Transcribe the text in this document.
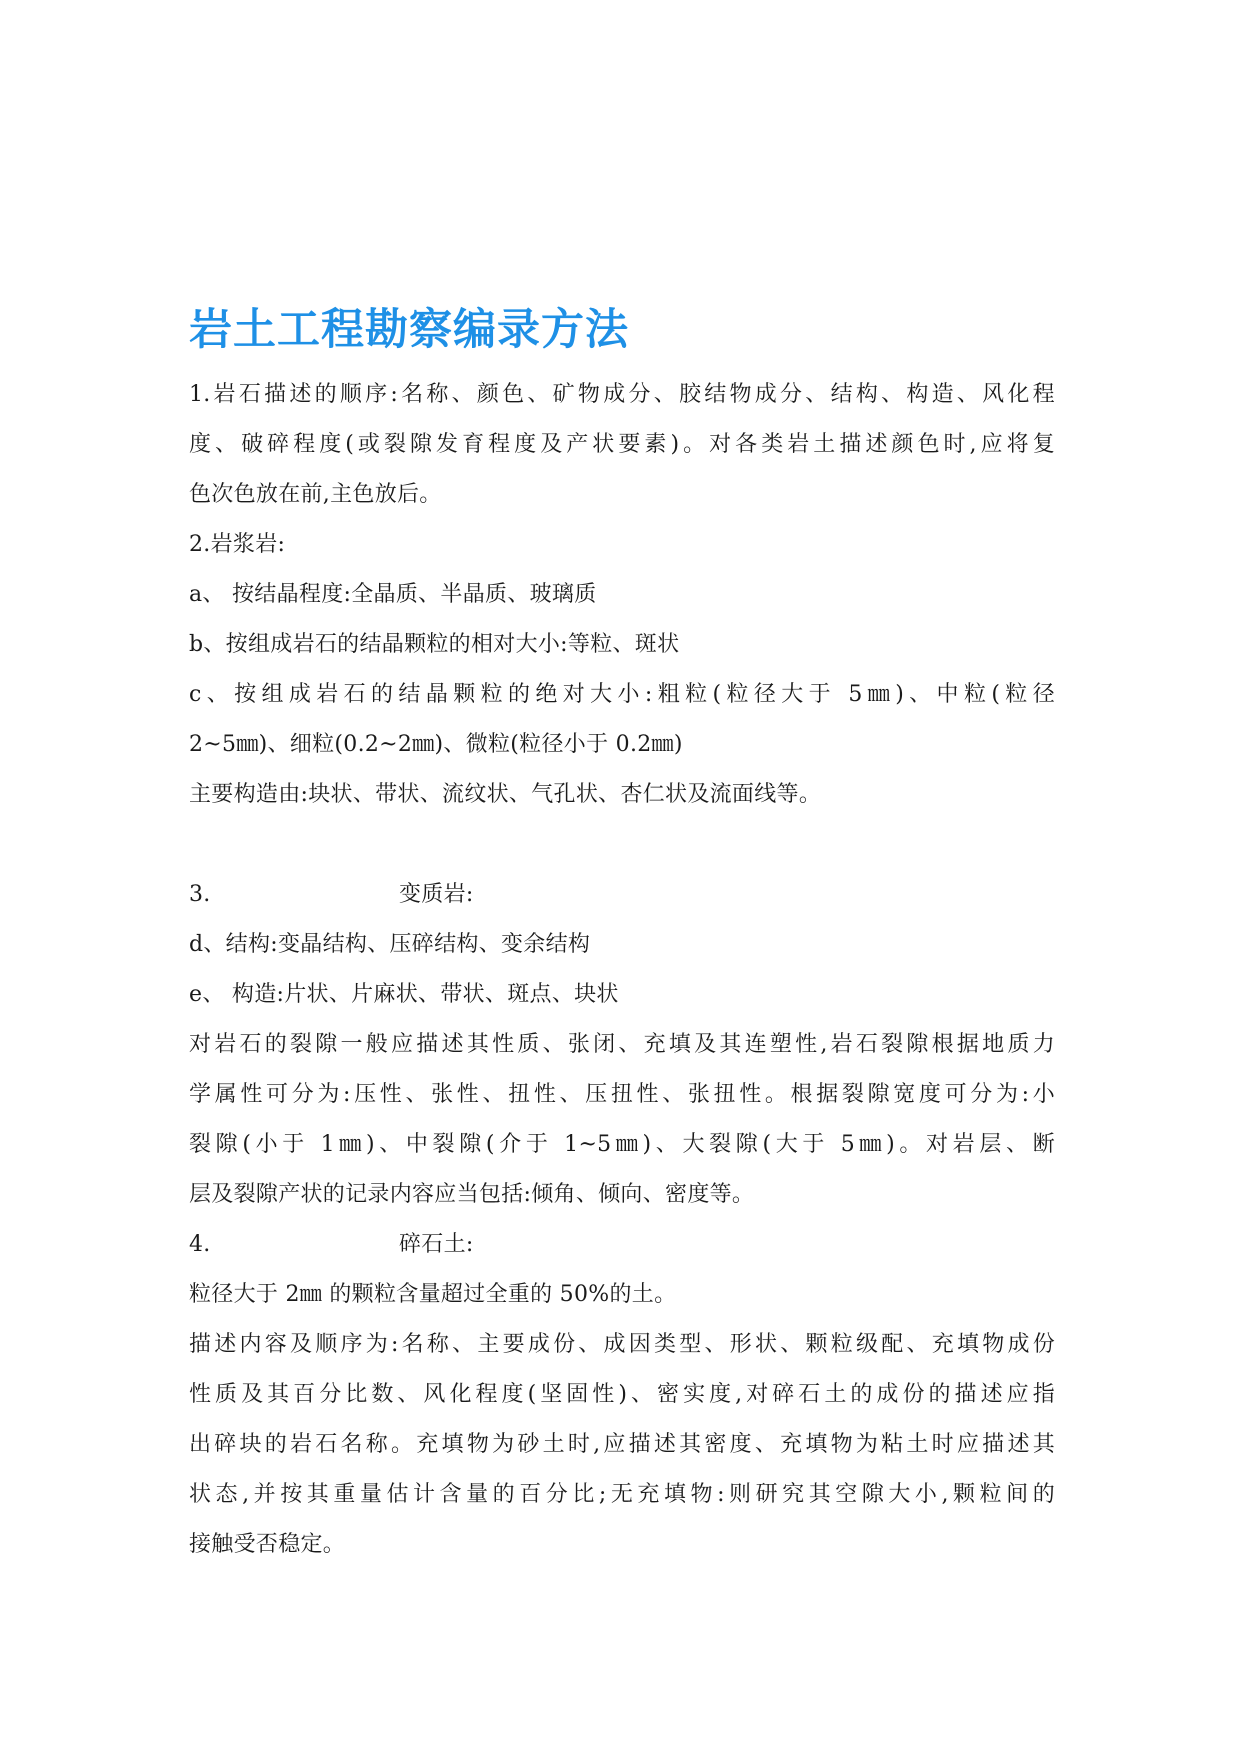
岩土工程勘察编录方法
1.岩石描述的顺序:名称、颜色、矿物成分、胶结物成分、结构、构造、风化程
度、破碎程度(或裂隙发育程度及产状要素)。对各类岩土描述颜色时,应将复
色次色放在前,主色放后。
2.岩浆岩:
a、 按结晶程度:全晶质、半晶质、玻璃质
b、按组成岩石的结晶颗粒的相对大小:等粒、斑状
c、按组成岩石的结晶颗粒的绝对大小:粗粒(粒径大于 5㎜)、中粒(粒径
2~5㎜)、细粒(0.2~2㎜)、微粒(粒径小于 0.2㎜)
主要构造由:块状、带状、流纹状、气孔状、杏仁状及流面线等。
3.	变质岩:
d、结构:变晶结构、压碎结构、变余结构
e、 构造:片状、片麻状、带状、斑点、块状
对岩石的裂隙一般应描述其性质、张闭、充填及其连塑性,岩石裂隙根据地质力
学属性可分为:压性、张性、扭性、压扭性、张扭性。根据裂隙宽度可分为:小
裂隙(小于 1㎜)、中裂隙(介于 1~5㎜)、大裂隙(大于 5㎜)。对岩层、断
层及裂隙产状的记录内容应当包括:倾角、倾向、密度等。
4.	碎石土:
粒径大于 2㎜ 的颗粒含量超过全重的 50%的土。
描述内容及顺序为:名称、主要成份、成因类型、形状、颗粒级配、充填物成份
性质及其百分比数、风化程度(坚固性)、密实度,对碎石土的成份的描述应指
出碎块的岩石名称。充填物为砂土时,应描述其密度、充填物为粘土时应描述其
状态,并按其重量估计含量的百分比;无充填物:则研究其空隙大小,颗粒间的
接触受否稳定。
